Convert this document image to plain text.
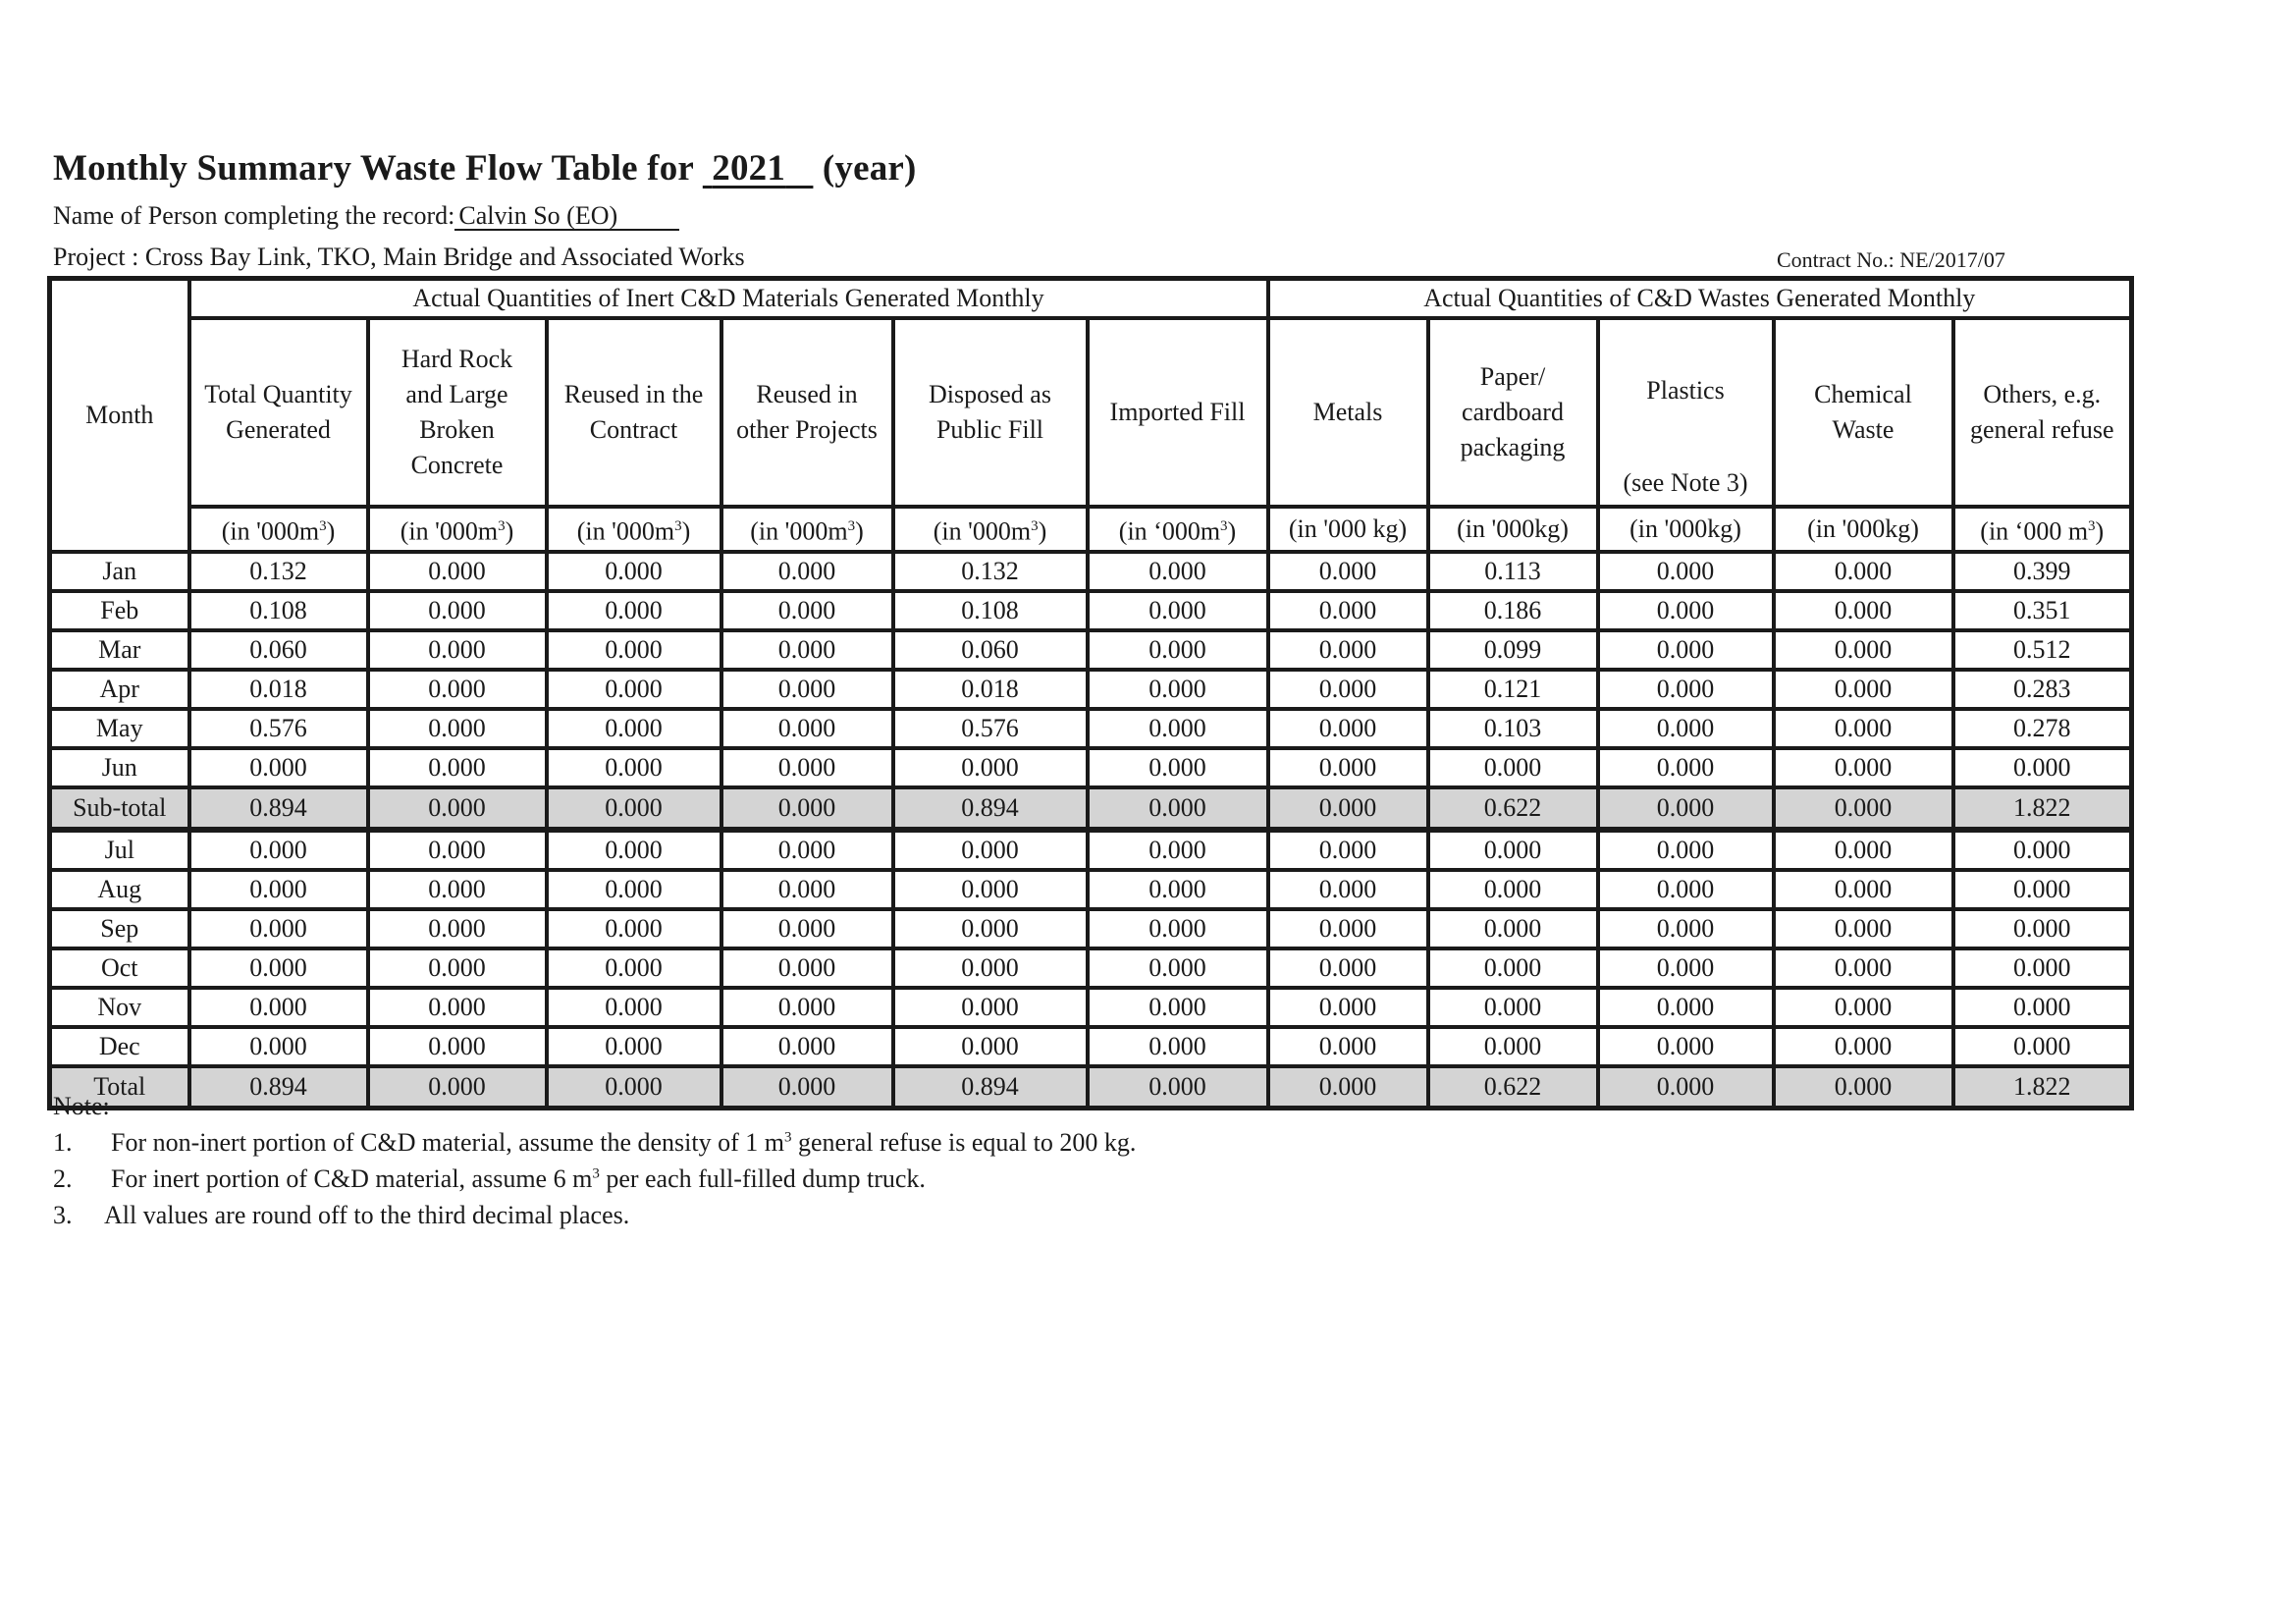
Monthly Summary Waste Flow Table for 2021 (year)
Name of Person completing the record: Calvin So (EO)
Project : Cross Bay Link, TKO, Main Bridge and Associated Works	Contract No.: NE/2017/07
Month	Actual Quantities of Inert C&D Materials Generated Monthly						Actual Quantities of C&D Wastes Generated Monthly				
	Total Quantity
Generated	Hard Rock
and Large
Broken
Concrete	Reused in the
Contract	Reused in
other Projects	Disposed as
Public Fill	Imported Fill	Metals	Paper/
cardboard
packaging	Plastics
(see Note 3)	Chemical
Waste	Others, e.g.
general refuse
	(in '$000m^3$)	(in '$000m^3$)	(in '$000m^3$)	(in '$000m^3$)	(in '$000m^3$)	(in ‘$000m^3$)	(in '000 kg)	(in '000kg)	(in '000kg)	(in '000kg)	(in ‘000 $m^3$)
Jan	0.132	0.000	0.000	0.000	0.132	0.000	0.000	0.113	0.000	0.000	0.399
Feb	0.108	0.000	0.000	0.000	0.108	0.000	0.000	0.186	0.000	0.000	0.351
Mar	0.060	0.000	0.000	0.000	0.060	0.000	0.000	0.099	0.000	0.000	0.512
Apr	0.018	0.000	0.000	0.000	0.018	0.000	0.000	0.121	0.000	0.000	0.283
May	0.576	0.000	0.000	0.000	0.576	0.000	0.000	0.103	0.000	0.000	0.278
Jun	0.000	0.000	0.000	0.000	0.000	0.000	0.000	0.000	0.000	0.000	0.000
Sub-total	0.894	0.000	0.000	0.000	0.894	0.000	0.000	0.622	0.000	0.000	1.822
Jul	0.000	0.000	0.000	0.000	0.000	0.000	0.000	0.000	0.000	0.000	0.000
Aug	0.000	0.000	0.000	0.000	0.000	0.000	0.000	0.000	0.000	0.000	0.000
Sep	0.000	0.000	0.000	0.000	0.000	0.000	0.000	0.000	0.000	0.000	0.000
Oct	0.000	0.000	0.000	0.000	0.000	0.000	0.000	0.000	0.000	0.000	0.000
Nov	0.000	0.000	0.000	0.000	0.000	0.000	0.000	0.000	0.000	0.000	0.000
Dec	0.000	0.000	0.000	0.000	0.000	0.000	0.000	0.000	0.000	0.000	0.000
Total	0.894	0.000	0.000	0.000	0.894	0.000	0.000	0.622	0.000	0.000	1.822
Note:
1. For non-inert portion of C&D material, assume the density of 1 $m^3$ general refuse is equal to 200 kg.
2. For inert portion of C&D material, assume 6 $m^3$ per each full-filled dump truck.
3. All values are round off to the third decimal places.
